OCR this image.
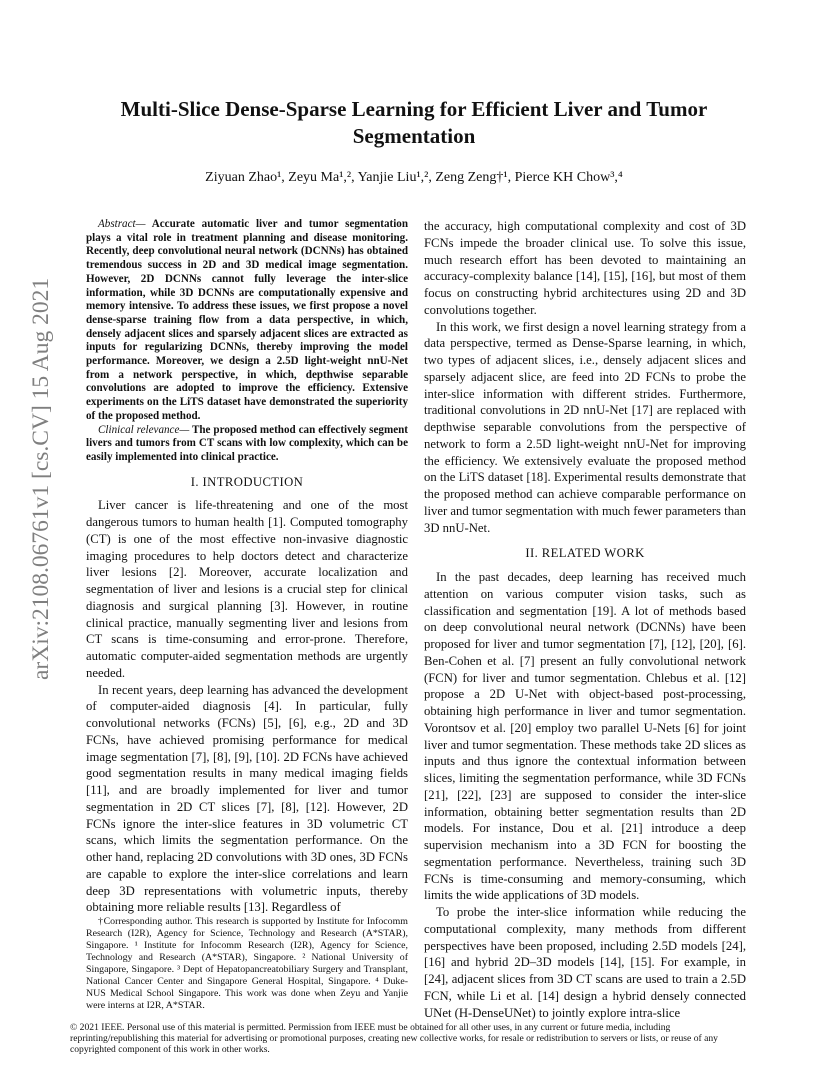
arXiv:2108.06761v1 [cs.CV] 15 Aug 2021
Multi-Slice Dense-Sparse Learning for Efficient Liver and Tumor Segmentation
Ziyuan Zhao¹, Zeyu Ma¹,², Yanjie Liu¹,², Zeng Zeng†¹, Pierce KH Chow³,⁴

Abstract— Accurate automatic liver and tumor segmentation plays a vital role in treatment planning and disease monitoring. Recently, deep convolutional neural network (DCNNs) has obtained tremendous success in 2D and 3D medical image segmentation. However, 2D DCNNs cannot fully leverage the inter-slice information, while 3D DCNNs are computationally expensive and memory intensive. To address these issues, we first propose a novel dense-sparse training flow from a data perspective, in which, densely adjacent slices and sparsely adjacent slices are extracted as inputs for regularizing DCNNs, thereby improving the model performance. Moreover, we design a 2.5D light-weight nnU-Net from a network perspective, in which, depthwise separable convolutions are adopted to improve the efficiency. Extensive experiments on the LiTS dataset have demonstrated the superiority of the proposed method.

Clinical relevance— The proposed method can effectively segment livers and tumors from CT scans with low complexity, which can be easily implemented into clinical practice.

I. INTRODUCTION

Liver cancer is life-threatening and one of the most dangerous tumors to human health [1]. Computed tomography (CT) is one of the most effective non-invasive diagnostic imaging procedures to help doctors detect and characterize liver lesions [2]. Moreover, accurate localization and segmentation of liver and lesions is a crucial step for clinical diagnosis and surgical planning [3]. However, in routine clinical practice, manually segmenting liver and lesions from CT scans is time-consuming and error-prone. Therefore, automatic computer-aided segmentation methods are urgently needed.

In recent years, deep learning has advanced the development of computer-aided diagnosis [4]. In particular, fully convolutional networks (FCNs) [5], [6], e.g., 2D and 3D FCNs, have achieved promising performance for medical image segmentation [7], [8], [9], [10]. 2D FCNs have achieved good segmentation results in many medical imaging fields [11], and are broadly implemented for liver and tumor segmentation in 2D CT slices [7], [8], [12]. However, 2D FCNs ignore the inter-slice features in 3D volumetric CT scans, which limits the segmentation performance. On the other hand, replacing 2D convolutions with 3D ones, 3D FCNs are capable to explore the inter-slice correlations and learn deep 3D representations with volumetric inputs, thereby obtaining more reliable results [13]. Regardless of

†Corresponding author. This research is supported by Institute for Infocomm Research (I2R), Agency for Science, Technology and Research (A*STAR), Singapore. ¹ Institute for Infocomm Research (I2R), Agency for Science, Technology and Research (A*STAR), Singapore. ² National University of Singapore, Singapore. ³ Dept of Hepatopancreatobiliary Surgery and Transplant, National Cancer Center and Singapore General Hospital, Singapore. ⁴ Duke-NUS Medical School Singapore. This work was done when Zeyu and Yanjie were interns at I2R, A*STAR.

the accuracy, high computational complexity and cost of 3D FCNs impede the broader clinical use. To solve this issue, much research effort has been devoted to maintaining an accuracy-complexity balance [14], [15], [16], but most of them focus on constructing hybrid architectures using 2D and 3D convolutions together.

In this work, we first design a novel learning strategy from a data perspective, termed as Dense-Sparse learning, in which, two types of adjacent slices, i.e., densely adjacent slices and sparsely adjacent slice, are feed into 2D FCNs to probe the inter-slice information with different strides. Furthermore, traditional convolutions in 2D nnU-Net [17] are replaced with depthwise separable convolutions from the perspective of network to form a 2.5D light-weight nnU-Net for improving the efficiency. We extensively evaluate the proposed method on the LiTS dataset [18]. Experimental results demonstrate that the proposed method can achieve comparable performance on liver and tumor segmentation with much fewer parameters than 3D nnU-Net.

II. RELATED WORK

In the past decades, deep learning has received much attention on various computer vision tasks, such as classification and segmentation [19]. A lot of methods based on deep convolutional neural network (DCNNs) have been proposed for liver and tumor segmentation [7], [12], [20], [6]. Ben-Cohen et al. [7] present an fully convolutional network (FCN) for liver and tumor segmentation. Chlebus et al. [12] propose a 2D U-Net with object-based post-processing, obtaining high performance in liver and tumor segmentation. Vorontsov et al. [20] employ two parallel U-Nets [6] for joint liver and tumor segmentation. These methods take 2D slices as inputs and thus ignore the contextual information between slices, limiting the segmentation performance, while 3D FCNs [21], [22], [23] are supposed to consider the inter-slice information, obtaining better segmentation results than 2D models. For instance, Dou et al. [21] introduce a deep supervision mechanism into a 3D FCN for boosting the segmentation performance. Nevertheless, training such 3D FCNs is time-consuming and memory-consuming, which limits the wide applications of 3D models.

To probe the inter-slice information while reducing the computational complexity, many methods from different perspectives have been proposed, including 2.5D models [24], [16] and hybrid 2D–3D models [14], [15]. For example, in [24], adjacent slices from 3D CT scans are used to train a 2.5D FCN, while Li et al. [14] design a hybrid densely connected UNet (H-DenseUNet) to jointly explore intra-slice

© 2021 IEEE. Personal use of this material is permitted. Permission from IEEE must be obtained for all other uses, in any current or future media, including reprinting/republishing this material for advertising or promotional purposes, creating new collective works, for resale or redistribution to servers or lists, or reuse of any copyrighted component of this work in other works.
